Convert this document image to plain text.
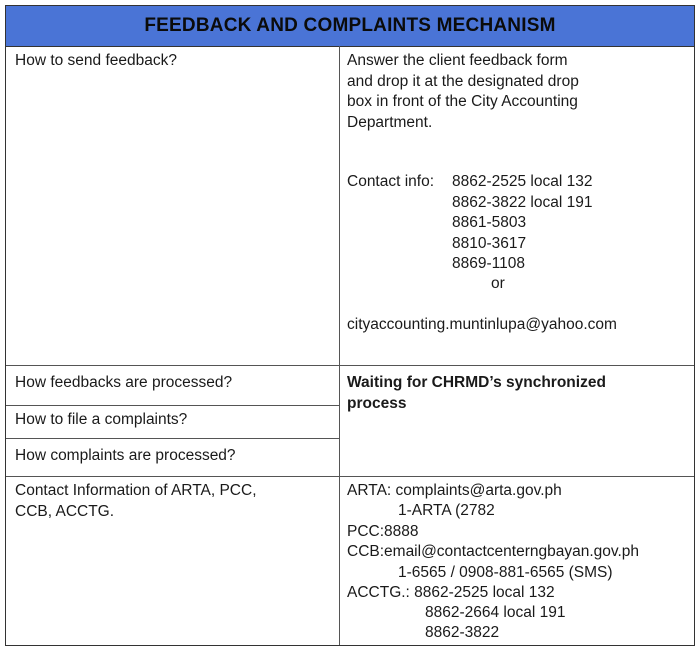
FEEDBACK AND COMPLAINTS MECHANISM
How to send feedback?	Answer the client feedback form
and drop it at the designated drop
box in front of the City Accounting
Department.
Contact info: 8862-2525 local 132
8862-3822 local 191
8861-5803
8810-3617
8869-1108
or
cityaccounting.muntinlupa@yahoo.com
How feedbacks are processed?
How to file a complaints?
How complaints are processed?
Waiting for CHRMD’s synchronized
process
Contact Information of ARTA, PCC,
CCB, ACCTG.
ARTA: complaints@arta.gov.ph
1-ARTA (2782
PCC:8888
CCB:email@contactcenterngbayan.gov.ph
1-6565 / 0908-881-6565 (SMS)
ACCTG.: 8862-2525 local 132
8862-2664 local 191
8862-3822
